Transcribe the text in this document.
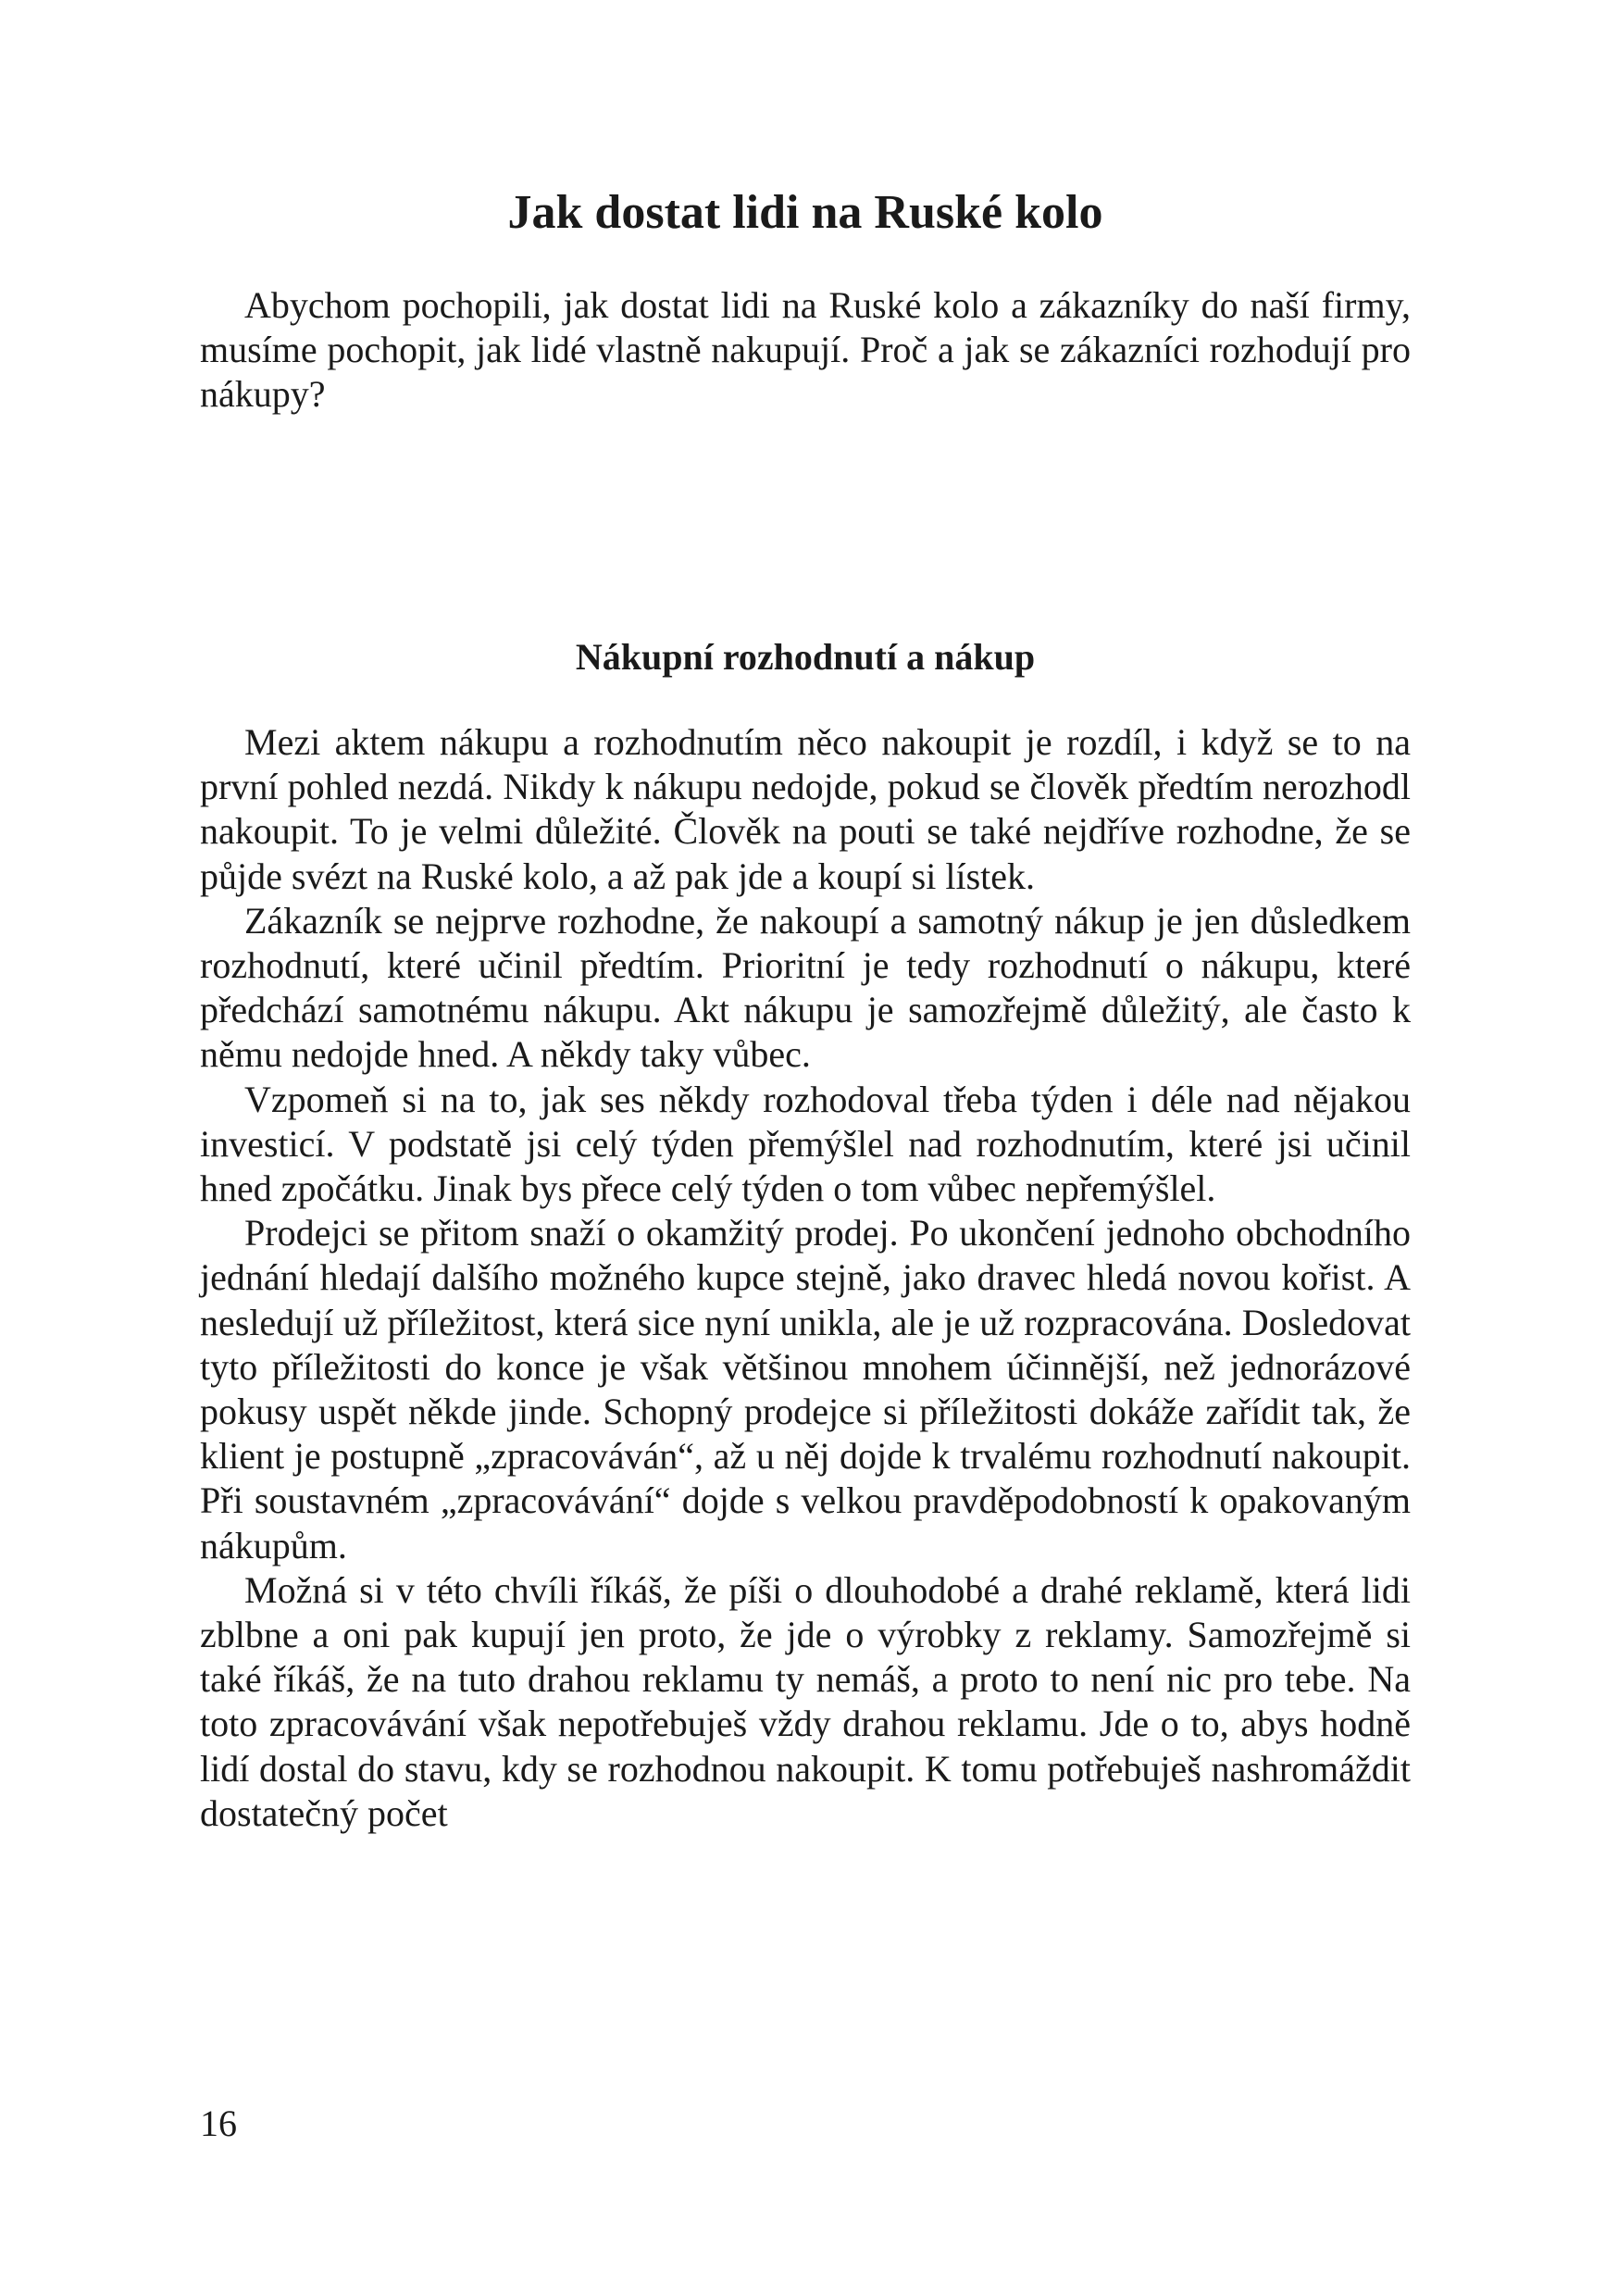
Jak dostat lidi na Ruské kolo

Abychom pochopili, jak dostat lidi na Ruské kolo a zákazníky do naší firmy, musíme pochopit, jak lidé vlastně nakupují. Proč a jak se zákazníci rozhodují pro nákupy?

Nákupní rozhodnutí a nákup

Mezi aktem nákupu a rozhodnutím něco nakoupit je rozdíl, i když se to na první pohled nezdá. Nikdy k nákupu nedojde, pokud se člověk předtím nerozhodl nakoupit. To je velmi důležité. Člověk na pouti se také nejdříve rozhodne, že se půjde svézt na Ruské kolo, a až pak jde a koupí si lístek.

Zákazník se nejprve rozhodne, že nakoupí a samotný nákup je jen důsledkem rozhodnutí, které učinil předtím. Prioritní je tedy rozhodnutí o nákupu, které předchází samotnému nákupu. Akt nákupu je samozřejmě důležitý, ale často k němu nedojde hned. A někdy taky vůbec.

Vzpomeň si na to, jak ses někdy rozhodoval třeba týden i déle nad nějakou investicí. V podstatě jsi celý týden přemýšlel nad rozhodnutím, které jsi učinil hned zpočátku. Jinak bys přece celý týden o tom vůbec nepřemýšlel.

Prodejci se přitom snaží o okamžitý prodej. Po ukončení jednoho obchodního jednání hledají dalšího možného kupce stejně, jako dravec hledá novou kořist. A nesledují už příležitost, která sice nyní unikla, ale je už rozpracována. Dosledovat tyto příležitosti do konce je však většinou mnohem účinnější, než jednorázové pokusy uspět někde jinde. Schopný prodejce si příležitosti dokáže zařídit tak, že klient je postupně „zpracováván“, až u něj dojde k trvalému rozhodnutí nakoupit. Při soustavném „zpracovávání“ dojde s velkou pravděpodobností k opakovaným nákupům.

Možná si v této chvíli říkáš, že píši o dlouhodobé a drahé reklamě, která lidi zblbne a oni pak kupují jen proto, že jde o výrobky z reklamy. Samozřejmě si také říkáš, že na tuto drahou reklamu ty nemáš, a proto to není nic pro tebe. Na toto zpracovávání však nepotřebuješ vždy drahou reklamu. Jde o to, abys hodně lidí dostal do stavu, kdy se rozhodnou nakoupit. K tomu potřebuješ nashromáždit dostatečný počet

16
